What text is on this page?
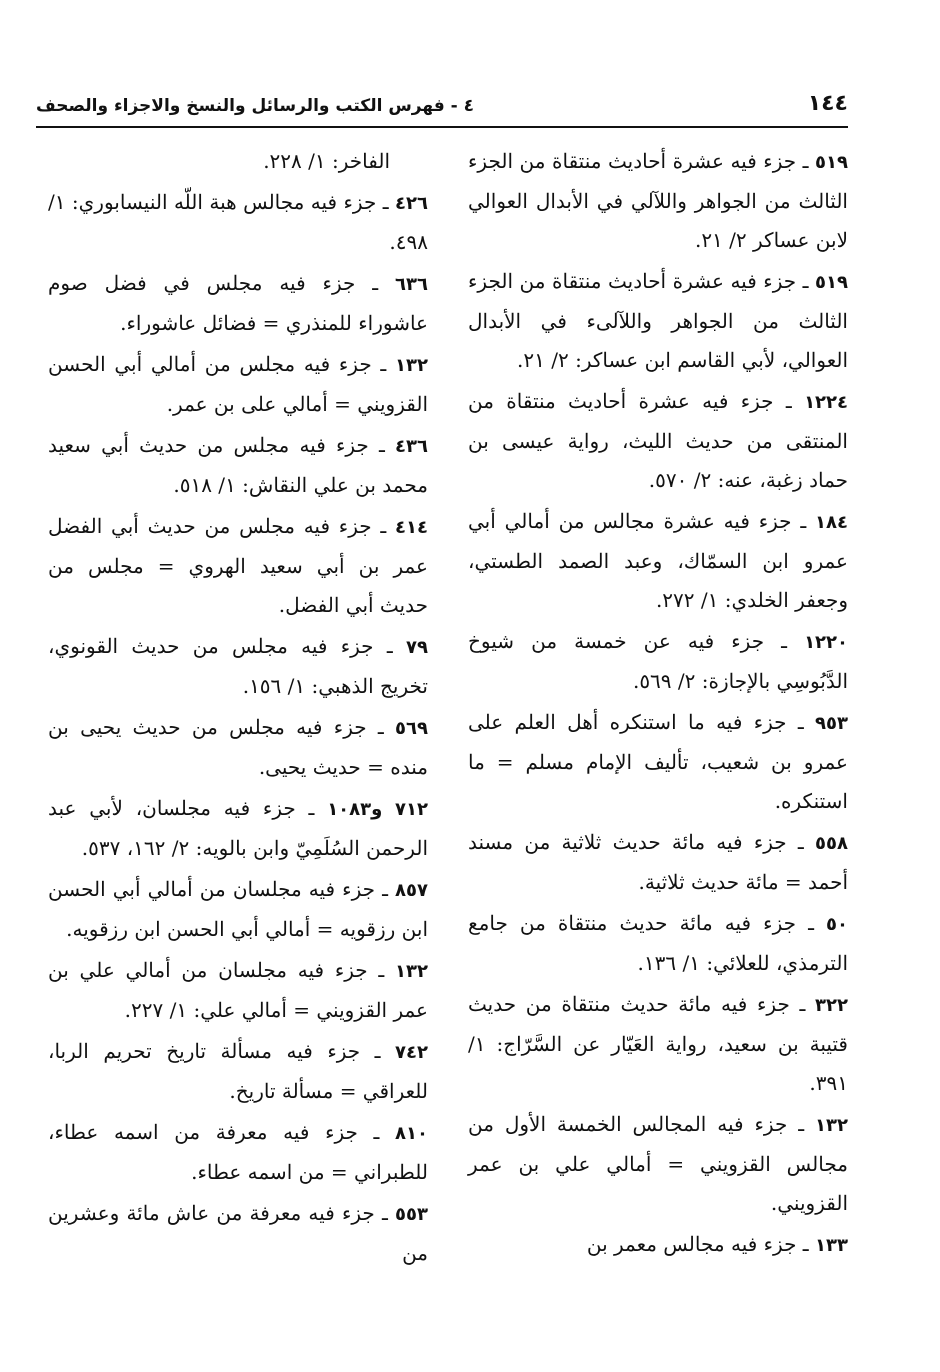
٤ - فهرس الكتب والرسائل والنسخ والاجزاء والصحف	١٤٤
٥١٩ ـ جزء فيه عشرة أحاديث منتقاة من الجزء الثالث من الجواهر واللآلي في الأبدال العوالي لابن عساكر ٢/ ٢١.
٥١٩ ـ جزء فيه عشرة أحاديث منتقاة من الجزء الثالث من الجواهر واللآلىء في الأبدال العوالي، لأبي القاسم ابن عساكر: ٢/ ٢١.
١٢٢٤ ـ جزء فيه عشرة أحاديث منتقاة من المنتقى من حديث الليث، رواية عيسى بن حماد زغبة، عنه: ٢/ ٥٧٠.
١٨٤ ـ جزء فيه عشرة مجالس من أمالي أبي عمرو ابن السمّاك، وعبد الصمد الطستي، وجعفر الخلدي: ١/ ٢٧٢.
١٢٢٠ ـ جزء فيه عن خمسة من شيوخ الدَّبُوسِي بالإجازة: ٢/ ٥٦٩.
٩٥٣ ـ جزء فيه ما استنكره أهل العلم على عمرو بن شعيب، تأليف الإمام مسلم = ما استنكره.
٥٥٨ ـ جزء فيه مائة حديث ثلاثية من مسند أحمد = مائة حديث ثلاثية.
٥٠ ـ جزء فيه مائة حديث منتقاة من جامع الترمذي، للعلائي: ١/ ١٣٦.
٣٢٢ ـ جزء فيه مائة حديث منتقاة من حديث قتيبة بن سعيد، رواية العَيّار عن السَّرّاج: ١/ ٣٩١.
١٣٢ ـ جزء فيه المجالس الخمسة الأول من مجالس القزويني = أمالي علي بن عمر القزويني.
١٣٣ ـ جزء فيه مجالس معمر بن
الفاخر: ١/ ٢٢٨.
٤٢٦ ـ جزء فيه مجالس هبة اللّه النيسابوري: ١/ ٤٩٨.
٦٣٦ ـ جزء فيه مجلس في فضل صوم عاشوراء للمنذري = فضائل عاشوراء.
١٣٢ ـ جزء فيه مجلس من أمالي أبي الحسن القزويني = أمالي على بن عمر.
٤٣٦ ـ جزء فيه مجلس من حديث أبي سعيد محمد بن علي النقاش: ١/ ٥١٨.
٤١٤ ـ جزء فيه مجلس من حديث أبي الفضل عمر بن أبي سعيد الهروي = مجلس من حديث أبي الفضل.
٧٩ ـ جزء فيه مجلس من حديث القونوي، تخريج الذهبي: ١/ ١٥٦.
٥٦٩ ـ جزء فيه مجلس من حديث يحيى بن منده = حديث يحيى.
٧١٢ و١٠٨٣ ـ جزء فيه مجلسان، لأبي عبد الرحمن السُلَمِيّ وابن بالويه: ٢/ ١٦٢، ٥٣٧.
٨٥٧ ـ جزء فيه مجلسان من أمالي أبي الحسن ابن رزقويه = أمالي أبي الحسن ابن رزقويه.
١٣٢ ـ جزء فيه مجلسان من أمالي علي بن عمر القزويني = أمالي علي: ١/ ٢٢٧.
٧٤٢ ـ جزء فيه مسألة تاريخ تحريم الربا، للعراقي = مسألة تاريخ.
٨١٠ ـ جزء فيه معرفة من اسمه عطاء، للطبراني = من اسمه عطاء.
٥٥٣ ـ جزء فيه معرفة من عاش مائة وعشرين من
